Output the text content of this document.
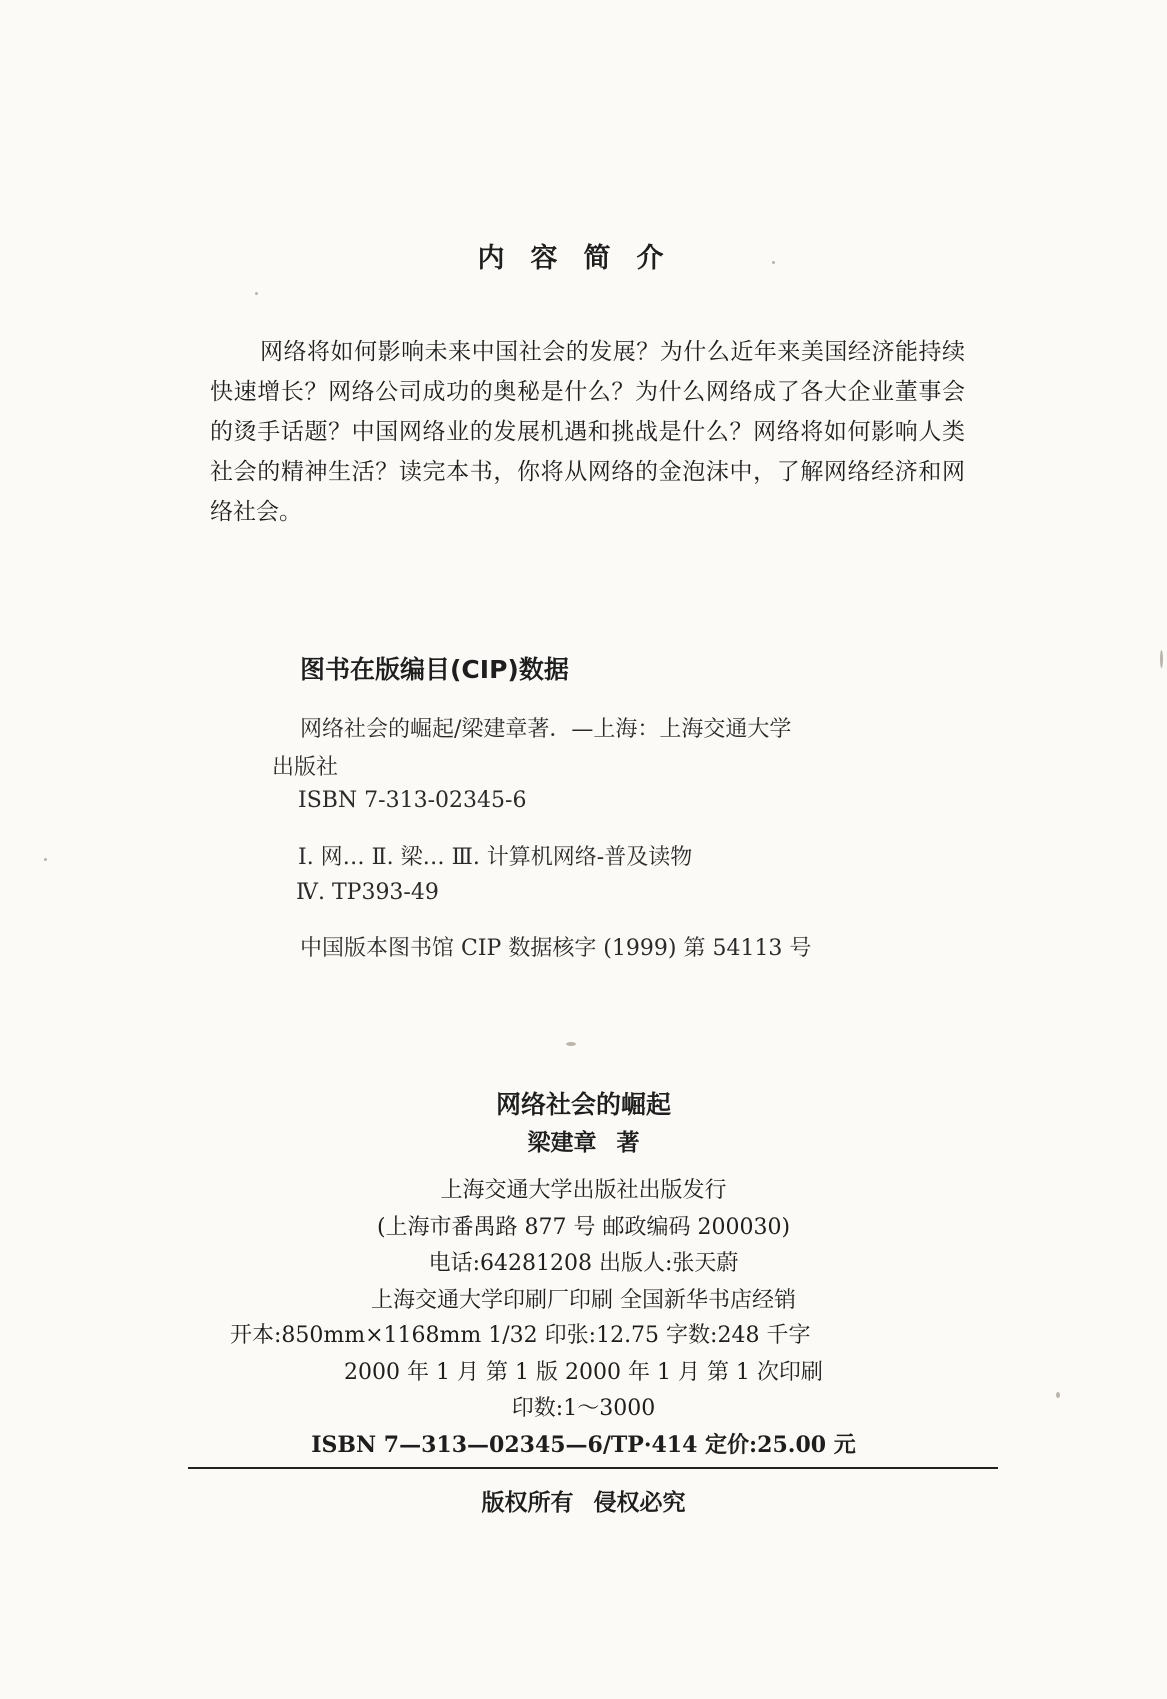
内容简介

网络将如何影响未来中国社会的发展？为什么近年来美国经济能持续快速增长？网络公司成功的奥秘是什么？为什么网络成了各大企业董事会的烫手话题？中国网络业的发展机遇和挑战是什么？网络将如何影响人类社会的精神生活？读完本书，你将从网络的金泡沫中，了解网络经济和网络社会。

图书在版编目(CIP)数据
网络社会的崛起/梁建章著．—上海：上海交通大学
出版社
ISBN 7-313-02345-6
I. 网… Ⅱ. 梁… Ⅲ. 计算机网络-普及读物
Ⅳ. TP393-49
中国版本图书馆 CIP 数据核字 (1999) 第 54113 号
网络社会的崛起
梁建章 著
上海交通大学出版社出版发行
(上海市番禺路 877 号 邮政编码 200030)
电话:64281208 出版人:张天蔚
上海交通大学印刷厂印刷 全国新华书店经销
开本:850mm×1168mm 1/32 印张:12.75 字数:248 千字
2000 年 1 月 第 1 版 2000 年 1 月 第 1 次印刷
印数:1～3000
ISBN 7—313—02345—6/TP·414 定价:25.00 元
版权所有 侵权必究
